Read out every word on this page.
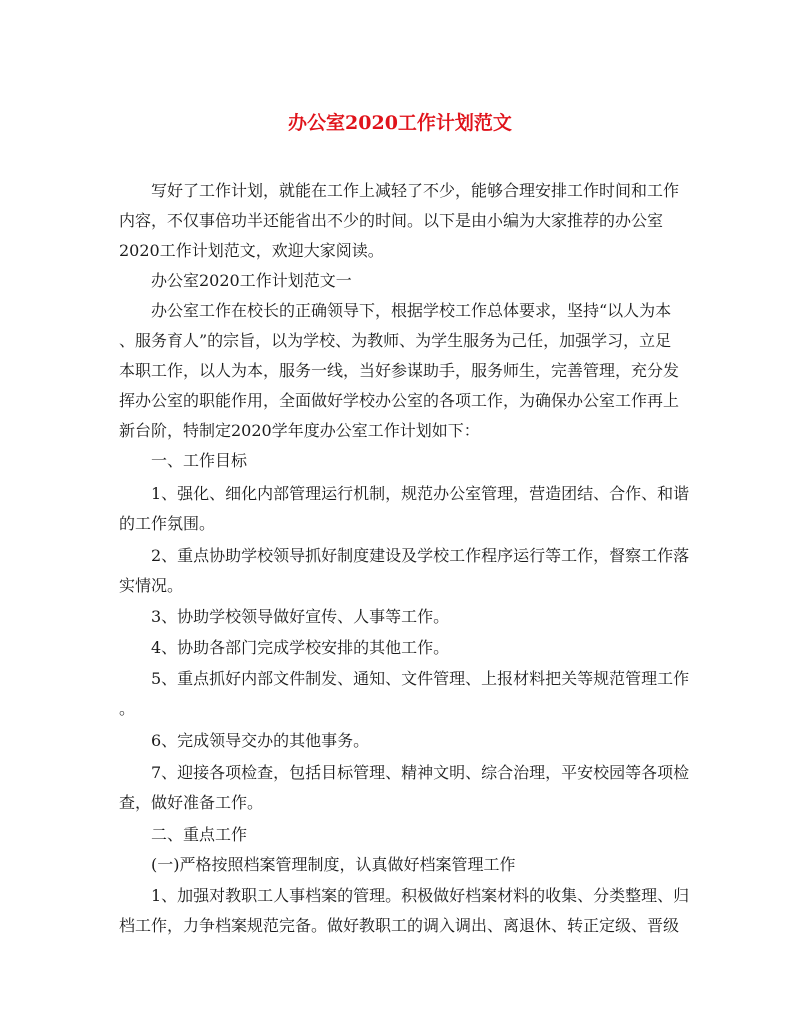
办公室2020工作计划范文
写好了工作计划，就能在工作上减轻了不少，能够合理安排工作时间和工作
内容，不仅事倍功半还能省出不少的时间。以下是由小编为大家推荐的办公室
2020工作计划范文，欢迎大家阅读。
办公室2020工作计划范文一
办公室工作在校长的正确领导下，根据学校工作总体要求，坚持“以人为本
、服务育人”的宗旨，以为学校、为教师、为学生服务为己任，加强学习，立足
本职工作，以人为本，服务一线，当好参谋助手，服务师生，完善管理，充分发
挥办公室的职能作用，全面做好学校办公室的各项工作，为确保办公室工作再上
新台阶，特制定2020学年度办公室工作计划如下：
一、工作目标
1、强化、细化内部管理运行机制，规范办公室管理，营造团结、合作、和谐
的工作氛围。
2、重点协助学校领导抓好制度建设及学校工作程序运行等工作，督察工作落
实情况。
3、协助学校领导做好宣传、人事等工作。
4、协助各部门完成学校安排的其他工作。
5、重点抓好内部文件制发、通知、文件管理、上报材料把关等规范管理工作
。
6、完成领导交办的其他事务。
7、迎接各项检查，包括目标管理、精神文明、综合治理，平安校园等各项检
查，做好准备工作。
二、重点工作
(一)严格按照档案管理制度，认真做好档案管理工作
1、加强对教职工人事档案的管理。积极做好档案材料的收集、分类整理、归
档工作，力争档案规范完备。做好教职工的调入调出、离退休、转正定级、晋级
